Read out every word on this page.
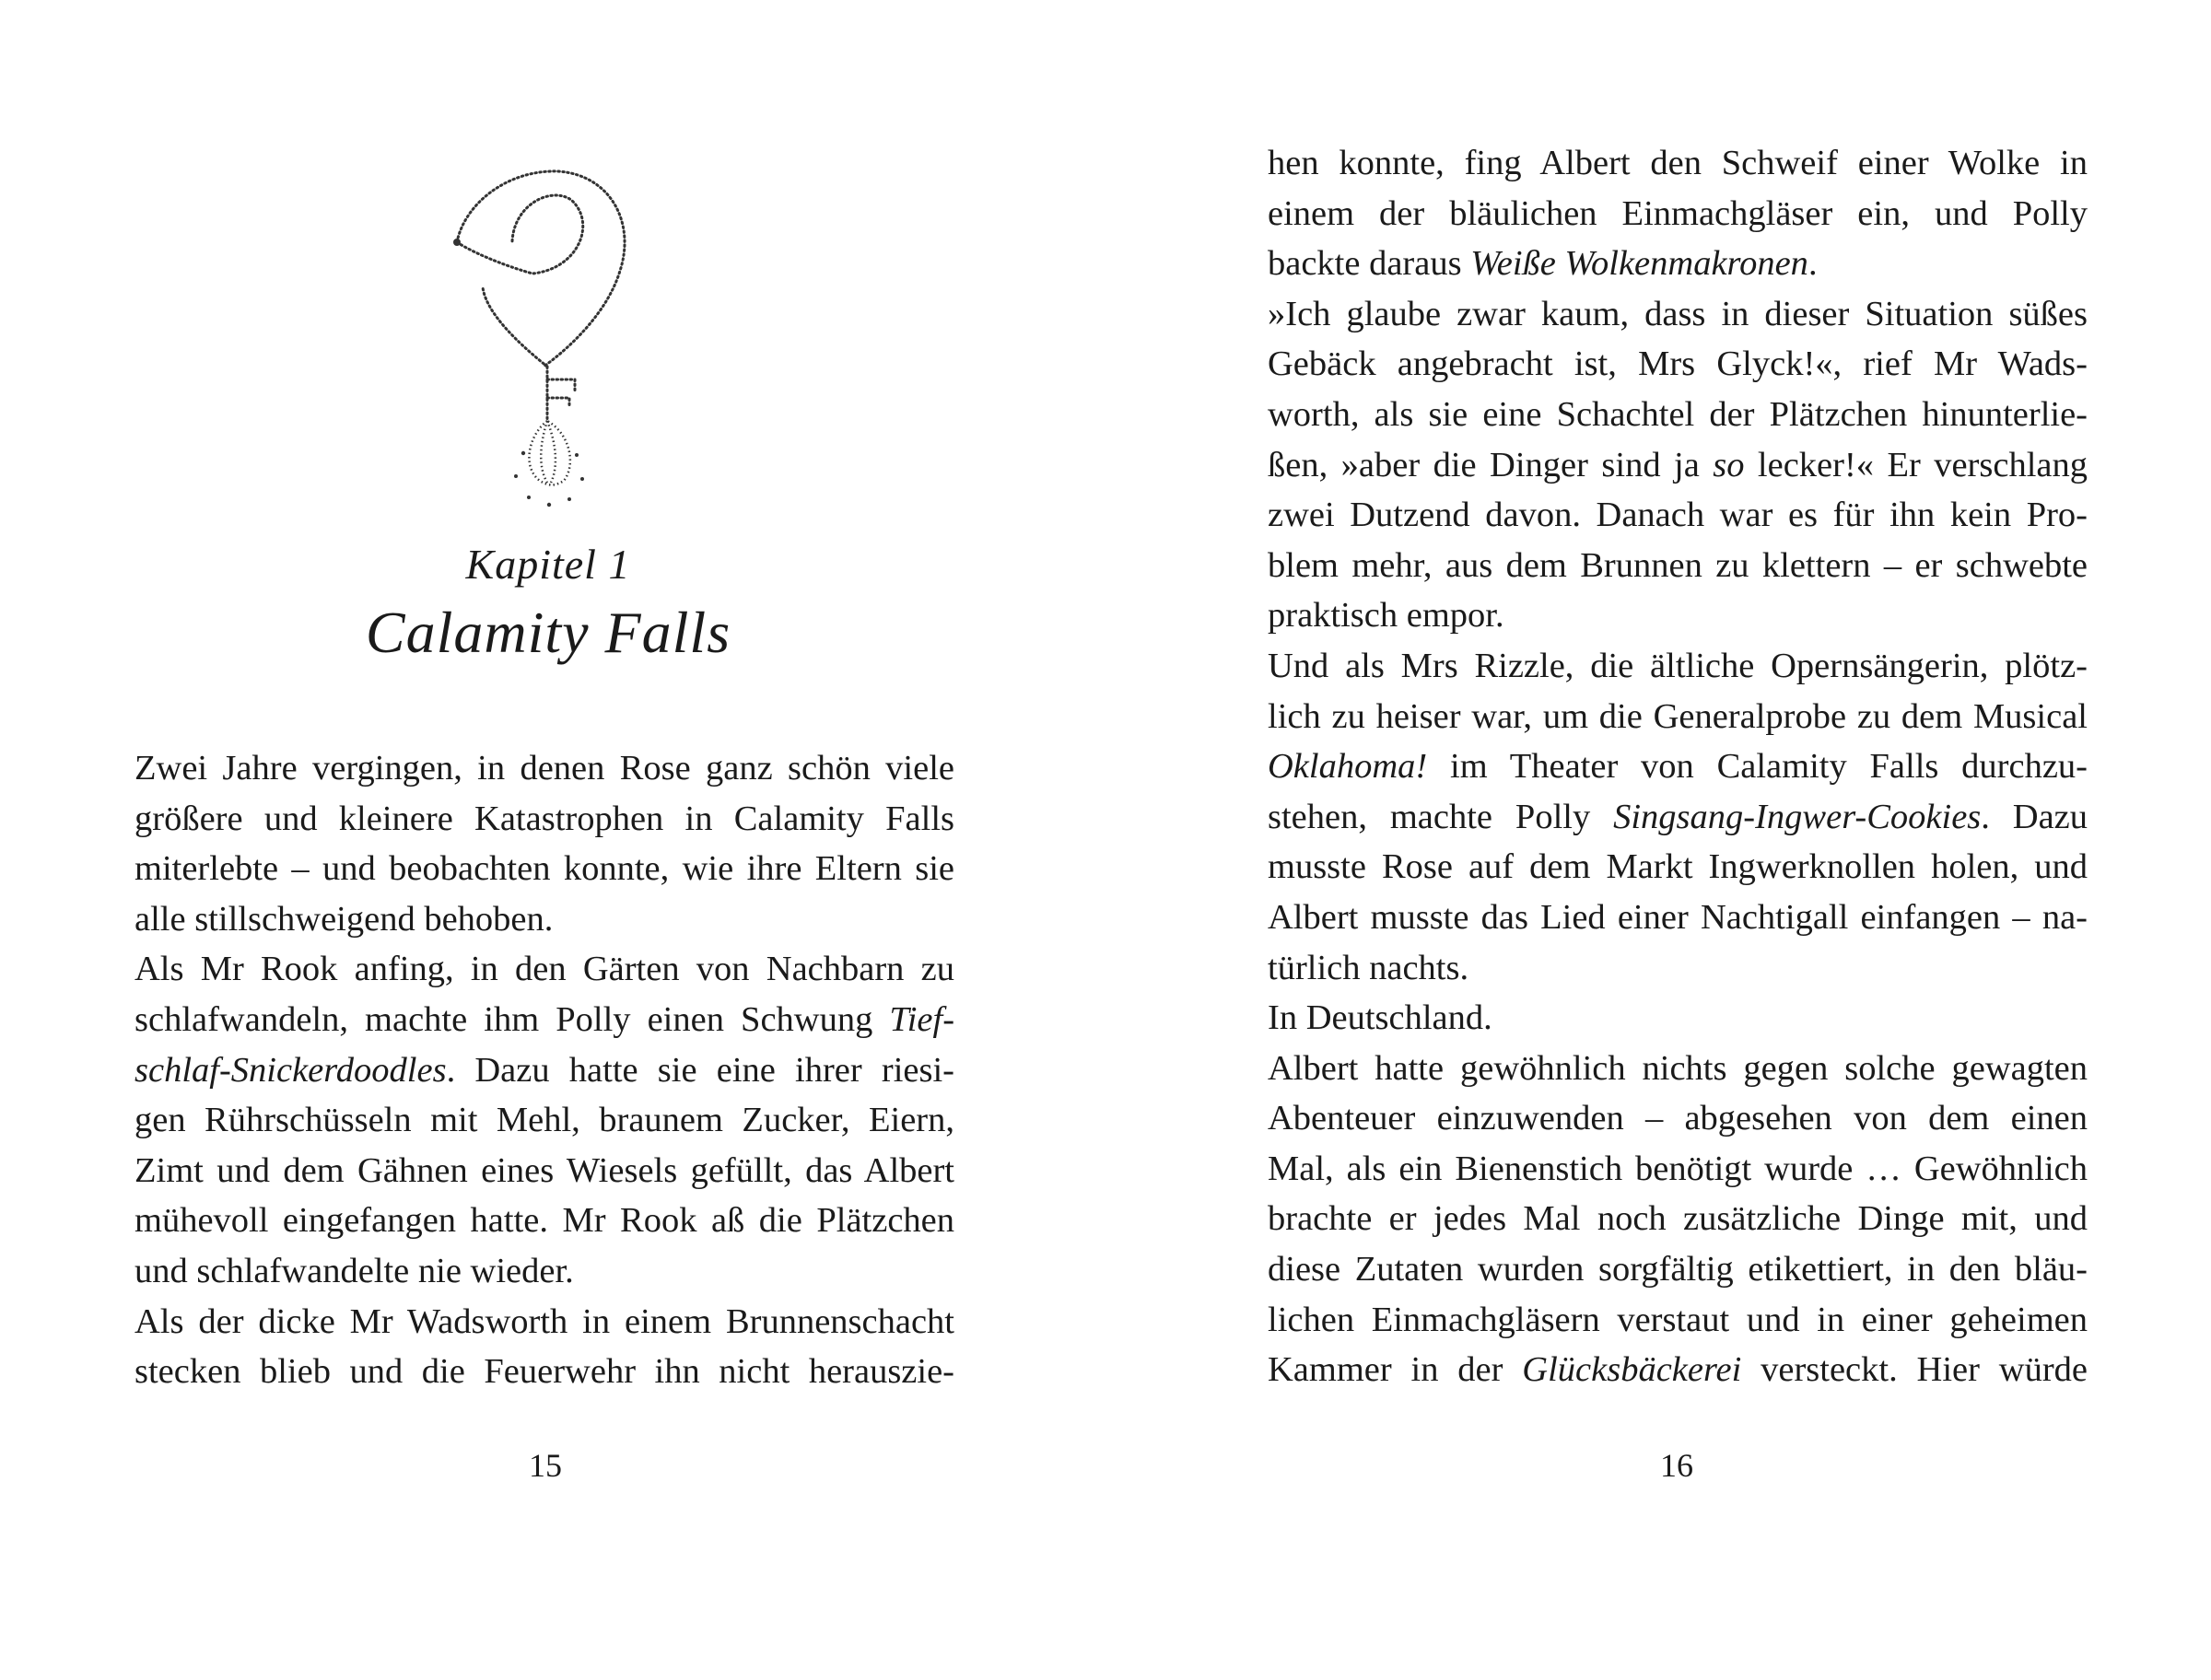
Kapitel 1
Calamity Falls
Zwei Jahre vergingen, in denen Rose ganz schön viele
größere und kleinere Katastrophen in Calamity Falls
miterlebte – und beobachten konnte, wie ihre Eltern sie
alle stillschweigend behoben.
Als Mr Rook anfing, in den Gärten von Nachbarn zu
schlafwandeln, machte ihm Polly einen Schwung Tief-
schlaf-Snickerdoodles. Dazu hatte sie eine ihrer riesi-
gen Rührschüsseln mit Mehl, braunem Zucker, Eiern,
Zimt und dem Gähnen eines Wiesels gefüllt, das Albert
mühevoll eingefangen hatte. Mr Rook aß die Plätzchen
und schlafwandelte nie wieder.
Als der dicke Mr Wadsworth in einem Brunnenschacht
stecken blieb und die Feuerwehr ihn nicht herauszie-
15
hen konnte, fing Albert den Schweif einer Wolke in
einem der bläulichen Einmachgläser ein, und Polly
backte daraus Weiße Wolkenmakronen.
»Ich glaube zwar kaum, dass in dieser Situation süßes
Gebäck angebracht ist, Mrs Glyck!«, rief Mr Wads-
worth, als sie eine Schachtel der Plätzchen hinunterlie-
ßen, »aber die Dinger sind ja so lecker!« Er verschlang
zwei Dutzend davon. Danach war es für ihn kein Pro-
blem mehr, aus dem Brunnen zu klettern – er schwebte
praktisch empor.
Und als Mrs Rizzle, die ältliche Opernsängerin, plötz-
lich zu heiser war, um die Generalprobe zu dem Musical
Oklahoma! im Theater von Calamity Falls durchzu-
stehen, machte Polly Singsang-Ingwer-Cookies. Dazu
musste Rose auf dem Markt Ingwerknollen holen, und
Albert musste das Lied einer Nachtigall einfangen – na-
türlich nachts.
In Deutschland.
Albert hatte gewöhnlich nichts gegen solche gewagten
Abenteuer einzuwenden – abgesehen von dem einen
Mal, als ein Bienenstich benötigt wurde … Gewöhnlich
brachte er jedes Mal noch zusätzliche Dinge mit, und
diese Zutaten wurden sorgfältig etikettiert, in den bläu-
lichen Einmachgläsern verstaut und in einer geheimen
Kammer in der Glücksbäckerei versteckt. Hier würde
16
